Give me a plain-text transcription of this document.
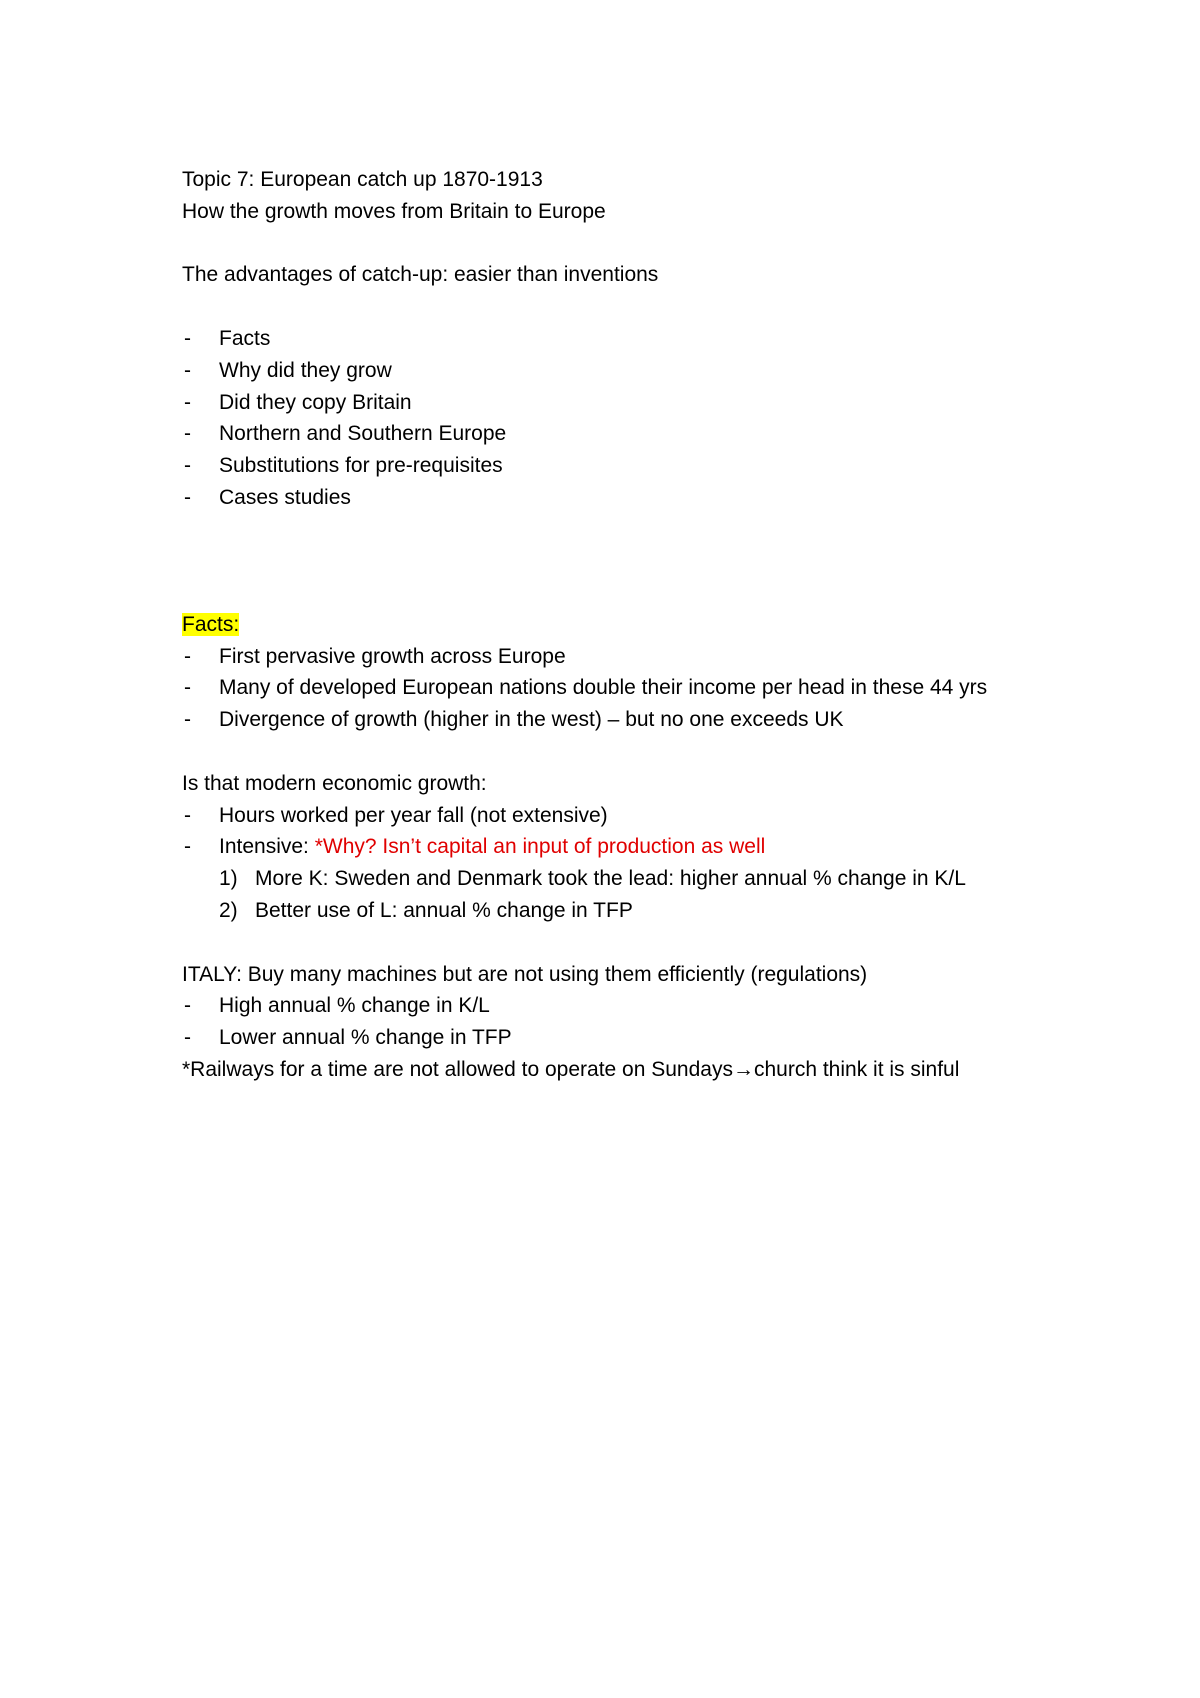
Topic 7: European catch up 1870-1913

How the growth moves from Britain to Europe

The advantages of catch-up: easier than inventions

- Facts
- Why did they grow
- Did they copy Britain
- Northern and Southern Europe
- Substitutions for pre-requisites
- Cases studies

Facts:

- First pervasive growth across Europe
- Many of developed European nations double their income per head in these 44 yrs
- Divergence of growth (higher in the west) – but no one exceeds UK

Is that modern economic growth:

- Hours worked per year fall (not extensive)
- Intensive: *Why? Isn’t capital an input of production as well
1) More K: Sweden and Denmark took the lead: higher annual % change in K/L
2) Better use of L: annual % change in TFP

ITALY: Buy many machines but are not using them efficiently (regulations)

- High annual % change in K/L
- Lower annual % change in TFP

*Railways for a time are not allowed to operate on Sundays→church think it is sinful
